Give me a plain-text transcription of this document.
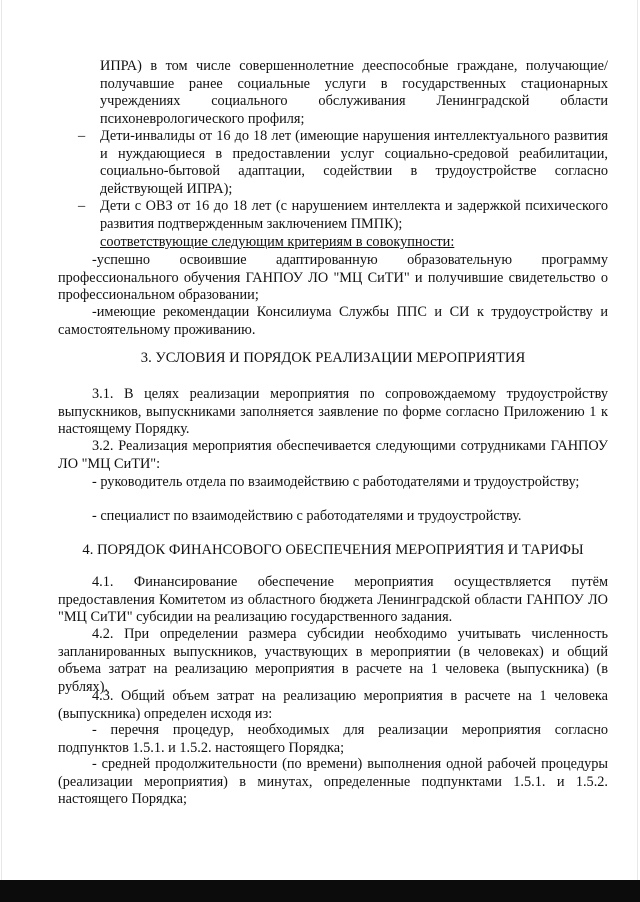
ИПРА) в том числе совершеннолетние дееспособные граждане, получающие/получавшие ранее социальные услуги в государственных стационарных учреждениях социального обслуживания Ленинградской области психоневрологического профиля;

–	Дети-инвалиды от 16 до 18 лет (имеющие нарушения интеллектуального развития и нуждающиеся в предоставлении услуг социально-средовой реабилитации, социально-бытовой адаптации, содействии в трудоустройстве согласно действующей ИПРА);

–	Дети с ОВЗ от 16 до 18 лет (с нарушением интеллекта и задержкой психического развития подтвержденным заключением ПМПК);

соответствующие следующим критериям в совокупности:

-успешно освоившие адаптированную образовательную программу профессионального обучения ГАНПОУ ЛО "МЦ СиТИ" и получившие свидетельство о профессиональном образовании;

-имеющие рекомендации Консилиума Службы ППС и СИ к трудоустройству и самостоятельному проживанию.

3. УСЛОВИЯ И ПОРЯДОК РЕАЛИЗАЦИИ МЕРОПРИЯТИЯ

3.1. В целях реализации мероприятия по сопровождаемому трудоустройству выпускников, выпускниками заполняется заявление по форме согласно Приложению 1 к настоящему Порядку.

3.2. Реализация мероприятия обеспечивается следующими сотрудниками ГАНПОУ ЛО "МЦ СиТИ":

- руководитель отдела по взаимодействию с работодателями и трудоустройству;

- специалист по взаимодействию с работодателями и трудоустройству.

4. ПОРЯДОК ФИНАНСОВОГО ОБЕСПЕЧЕНИЯ МЕРОПРИЯТИЯ И ТАРИФЫ

4.1. Финансирование обеспечение мероприятия осуществляется путём предоставления Комитетом из областного бюджета Ленинградской области ГАНПОУ ЛО "МЦ СиТИ" субсидии на реализацию государственного задания.

4.2. При определении размера субсидии необходимо учитывать численность запланированных выпускников, участвующих в мероприятии (в человеках) и общий объема затрат на реализацию мероприятия в расчете на 1 человека (выпускника) (в рублях).

4.3. Общий объем затрат на реализацию мероприятия в расчете на 1 человека (выпускника) определен исходя из:

- перечня процедур, необходимых для реализации мероприятия согласно подпунктов 1.5.1. и 1.5.2. настоящего Порядка;

- средней продолжительности (по времени) выполнения одной рабочей процедуры (реализации мероприятия) в минутах, определенные подпунктами 1.5.1. и 1.5.2. настоящего Порядка;
